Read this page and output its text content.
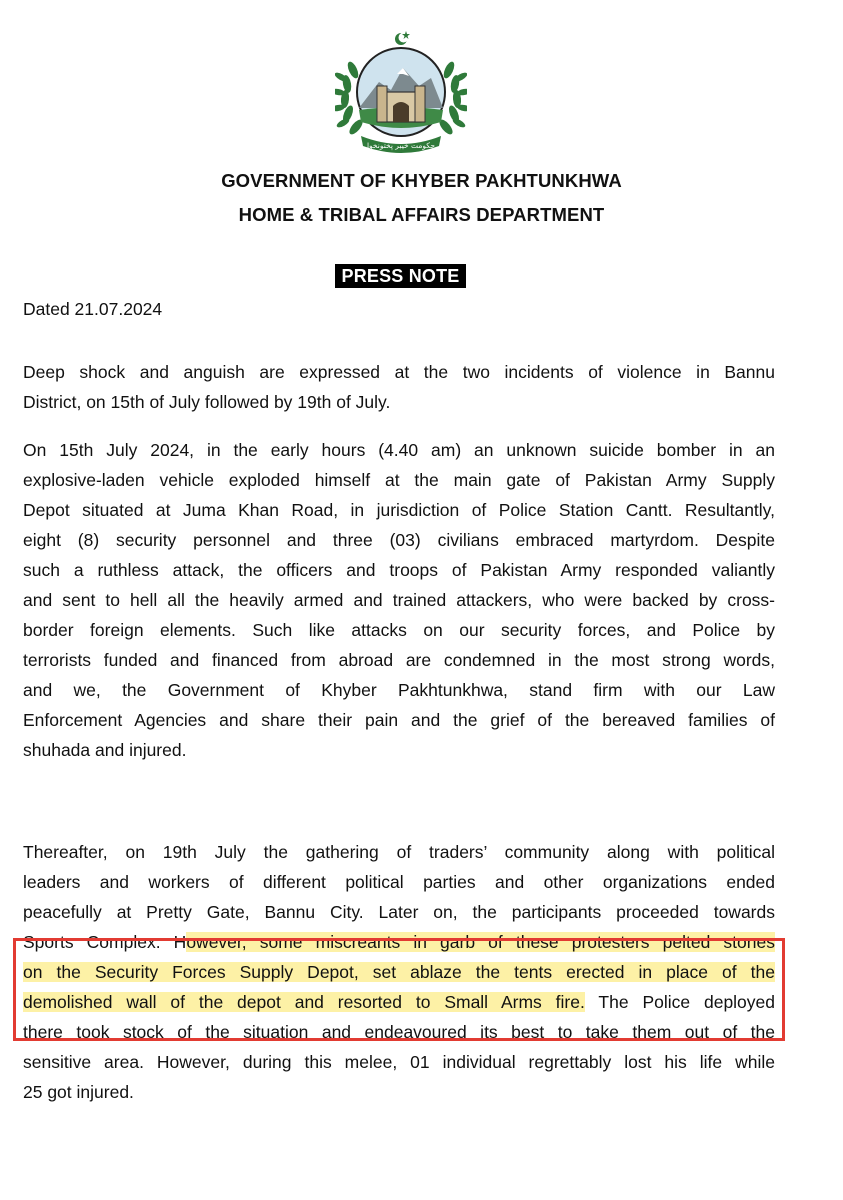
حکومت خیبر پختونخوا
GOVERNMENT OF KHYBER PAKHTUNKHWA
HOME & TRIBAL AFFAIRS DEPARTMENT
PRESS NOTE
Dated 21.07.2024
Deep shock and anguish are expressed at the two incidents of violence in Bannu
District, on 15th of July followed by 19th of July.
On 15th July 2024, in the early hours (4.40 am) an unknown suicide bomber in an
explosive-laden vehicle exploded himself at the main gate of Pakistan Army Supply
Depot situated at Juma Khan Road, in jurisdiction of Police Station Cantt. Resultantly,
eight (8) security personnel and three (03) civilians embraced martyrdom. Despite
such a ruthless attack, the officers and troops of Pakistan Army responded valiantly
and sent to hell all the heavily armed and trained attackers, who were backed by cross-
border foreign elements. Such like attacks on our security forces, and Police by
terrorists funded and financed from abroad are condemned in the most strong words,
and we, the Government of Khyber Pakhtunkhwa, stand firm with our Law
Enforcement Agencies and share their pain and the grief of the bereaved families of
shuhada and injured.
Thereafter, on 19th July the gathering of traders’ community along with political
leaders and workers of different political parties and other organizations ended
peacefully at Pretty Gate, Bannu City. Later on, the participants proceeded towards
Sports Complex. However, some miscreants in garb of these protesters pelted stones
on the Security Forces Supply Depot, set ablaze the tents erected in place of the
demolished wall of the depot and resorted to Small Arms fire. The Police deployed
there took stock of the situation and endeavoured its best to take them out of the
sensitive area. However, during this melee, 01 individual regrettably lost his life while
25 got injured.
